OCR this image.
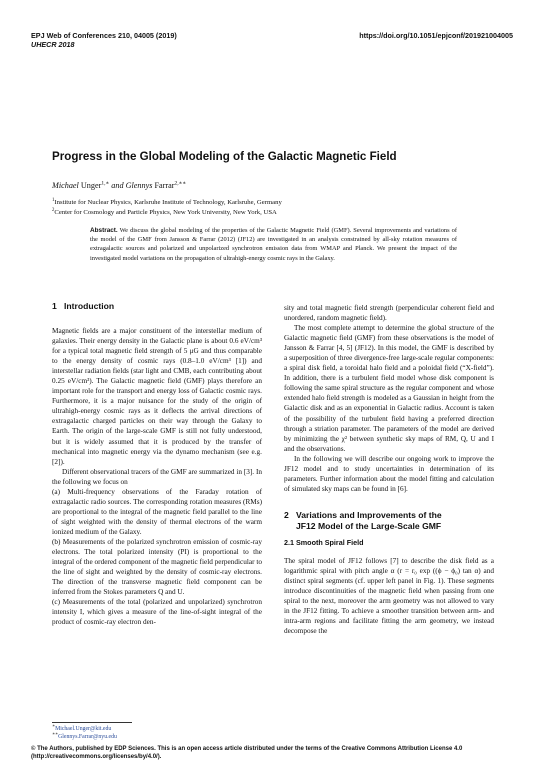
EPJ Web of Conferences 210, 04005 (2019)
UHECR 2018
https://doi.org/10.1051/epjconf/201921004005
Progress in the Global Modeling of the Galactic Magnetic Field
Michael Unger$^{1,∗}$ and Glennys Farrar$^{2,∗∗}$
$^1$Institute for Nuclear Physics, Karlsruhe Institute of Technology, Karlsruhe, Germany
$^2$Center for Cosmology and Particle Physics, New York University, New York, USA
Abstract. We discuss the global modeling of the properties of the Galactic Magnetic Field (GMF). Several improvements and variations of the model of the GMF from Jansson & Farrar (2012) (JF12) are investigated in an analysis constrained by all-sky rotation measures of extragalactic sources and polarized and unpolarized synchrotron emission data from WMAP and Planck. We present the impact of the investigated model variations on the propagation of ultrahigh-energy cosmic rays in the Galaxy.
1 Introduction

Magnetic fields are a major constituent of the interstellar medium of galaxies. Their energy density in the Galactic plane is about 0.6 eV/cm³ for a typical total magnetic field strength of 5 μG and thus comparable to the energy density of cosmic rays (0.8–1.0 eV/cm³ [1]) and interstellar radiation fields (star light and CMB, each contributing about 0.25 eV/cm³). The Galactic magnetic field (GMF) plays therefore an important role for the transport and energy loss of Galactic cosmic rays. Furthermore, it is a major nuisance for the study of the origin of ultrahigh-energy cosmic rays as it deflects the arrival directions of extragalactic charged particles on their way through the Galaxy to Earth. The origin of the large-scale GMF is still not fully understood, but it is widely assumed that it is produced by the transfer of mechanical into magnetic energy via the dynamo mechanism (see e.g. [2]).

Different observational tracers of the GMF are summarized in [3]. In the following we focus on

(a) Multi-frequency observations of the Faraday rotation of extragalactic radio sources. The corresponding rotation measures (RMs) are proportional to the integral of the magnetic field parallel to the line of sight weighted with the density of thermal electrons of the warm ionized medium of the Galaxy.

(b) Measurements of the polarized synchrotron emission of cosmic-ray electrons. The total polarized intensity (PI) is proportional to the integral of the ordered component of the magnetic field perpendicular to the line of sight and weighted by the density of cosmic-ray electrons. The direction of the transverse magnetic field component can be inferred from the Stokes parameters Q and U.

(c) Measurements of the total (polarized and unpolarized) synchrotron intensity I, which gives a measure of the line-of-sight integral of the product of cosmic-ray electron den-

∗Michael.Unger@kit.edu
∗∗Glennys.Farrar@nyu.edu

sity and total magnetic field strength (perpendicular coherent field and unordered, random magnetic field).

The most complete attempt to determine the global structure of the Galactic magnetic field (GMF) from these observations is the model of Jansson & Farrar [4, 5] (JF12). In this model, the GMF is described by a superposition of three divergence-free large-scale regular components: a spiral disk field, a toroidal halo field and a poloidal field (“X-field”). In addition, there is a turbulent field model whose disk component is following the same spiral structure as the regular component and whose extended halo field strength is modeled as a Gaussian in height from the Galactic disk and as an exponential in Galactic radius. Account is taken of the possibility of the turbulent field having a preferred direction through a striation parameter. The parameters of the model are derived by minimizing the χ² between synthetic sky maps of RM, Q, U and I and the observations.

In the following we will describe our ongoing work to improve the JF12 model and to study uncertainties in determination of its parameters. Further information about the model fitting and calculation of simulated sky maps can be found in [6].

2 Variations and Improvements of the
JF12 Model of the Large-Scale GMF
2.1 Smooth Spiral Field

The spiral model of JF12 follows [7] to describe the disk field as a logarithmic spiral with pitch angle α (r = r₀ exp ((ϕ − ϕ₀) tan α) and distinct spiral segments (cf. upper left panel in Fig. 1). These segments introduce discontinuities of the magnetic field when passing from one spiral to the next, moreover the arm geometry was not allowed to vary in the JF12 fitting. To achieve a smoother transition between arm- and intra-arm regions and facilitate fitting the arm geometry, we instead decompose the

© The Authors, published by EDP Sciences. This is an open access article distributed under the terms of the Creative Commons Attribution License 4.0 (http://creativecommons.org/licenses/by/4.0/).
